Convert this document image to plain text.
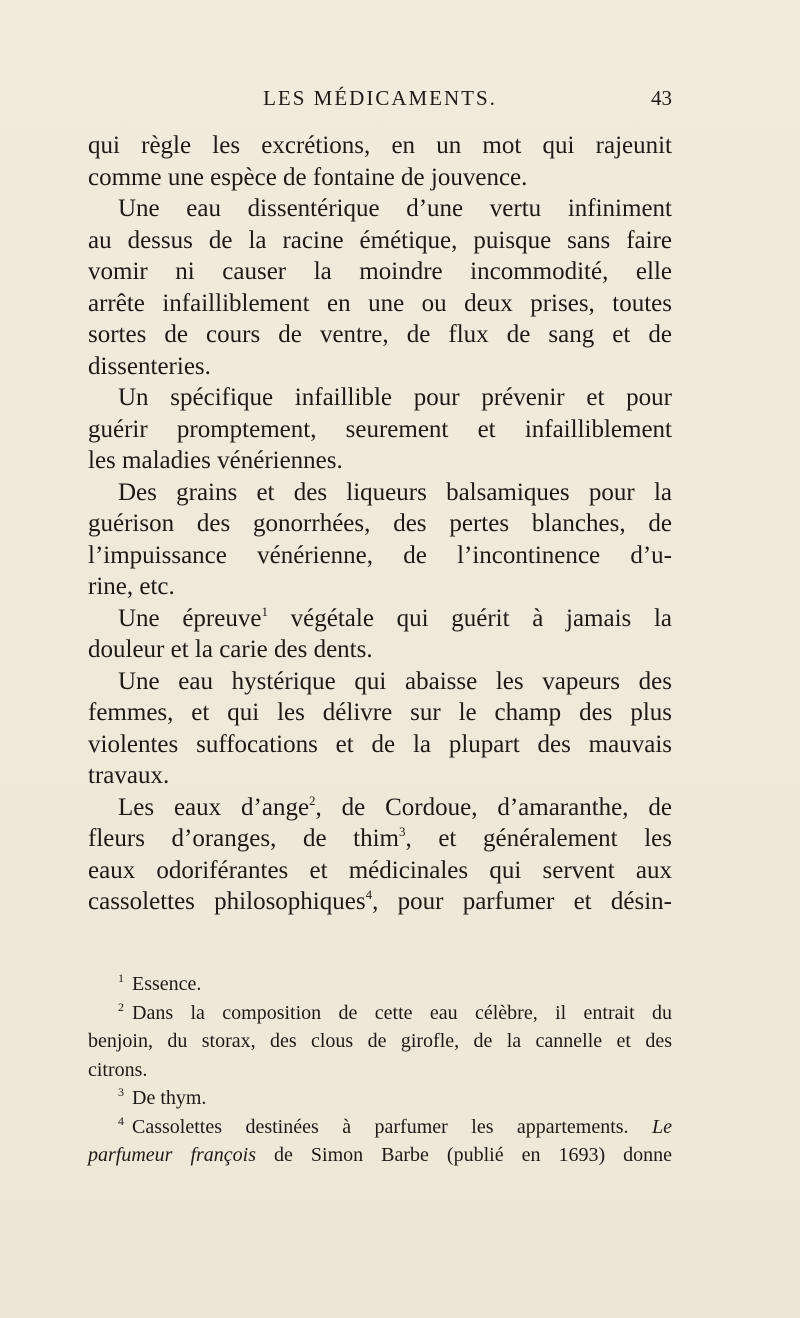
LES MÉDICAMENTS.	43
qui règle les excrétions, en un mot qui rajeunit
comme une espèce de fontaine de jouvence.
Une eau dissentérique d’une vertu infiniment
au dessus de la racine émétique, puisque sans faire
vomir ni causer la moindre incommodité, elle
arrête infailliblement en une ou deux prises, toutes
sortes de cours de ventre, de flux de sang et de
dissenteries.
Un spécifique infaillible pour prévenir et pour
guérir promptement, seurement et infailliblement
les maladies vénériennes.
Des grains et des liqueurs balsamiques pour la
guérison des gonorrhées, des pertes blanches, de
l’impuissance vénérienne, de l’incontinence d’u-
rine, etc.
Une épreuve$^1$ végétale qui guérit à jamais la
douleur et la carie des dents.
Une eau hystérique qui abaisse les vapeurs des
femmes, et qui les délivre sur le champ des plus
violentes suffocations et de la plupart des mauvais
travaux.
Les eaux d’ange$^2$, de Cordoue, d’amaranthe, de
fleurs d’oranges, de thim$^3$, et généralement les
eaux odoriférantes et médicinales qui servent aux
cassolettes philosophiques$^4$, pour parfumer et désin-
$^1$ Essence.
$^2$ Dans la composition de cette eau célèbre, il entrait du
benjoin, du storax, des clous de girofle, de la cannelle et des
citrons.
$^3$ De thym.
$^4$ Cassolettes destinées à parfumer les appartements. Le
parfumeur françois de Simon Barbe (publié en 1693) donne
